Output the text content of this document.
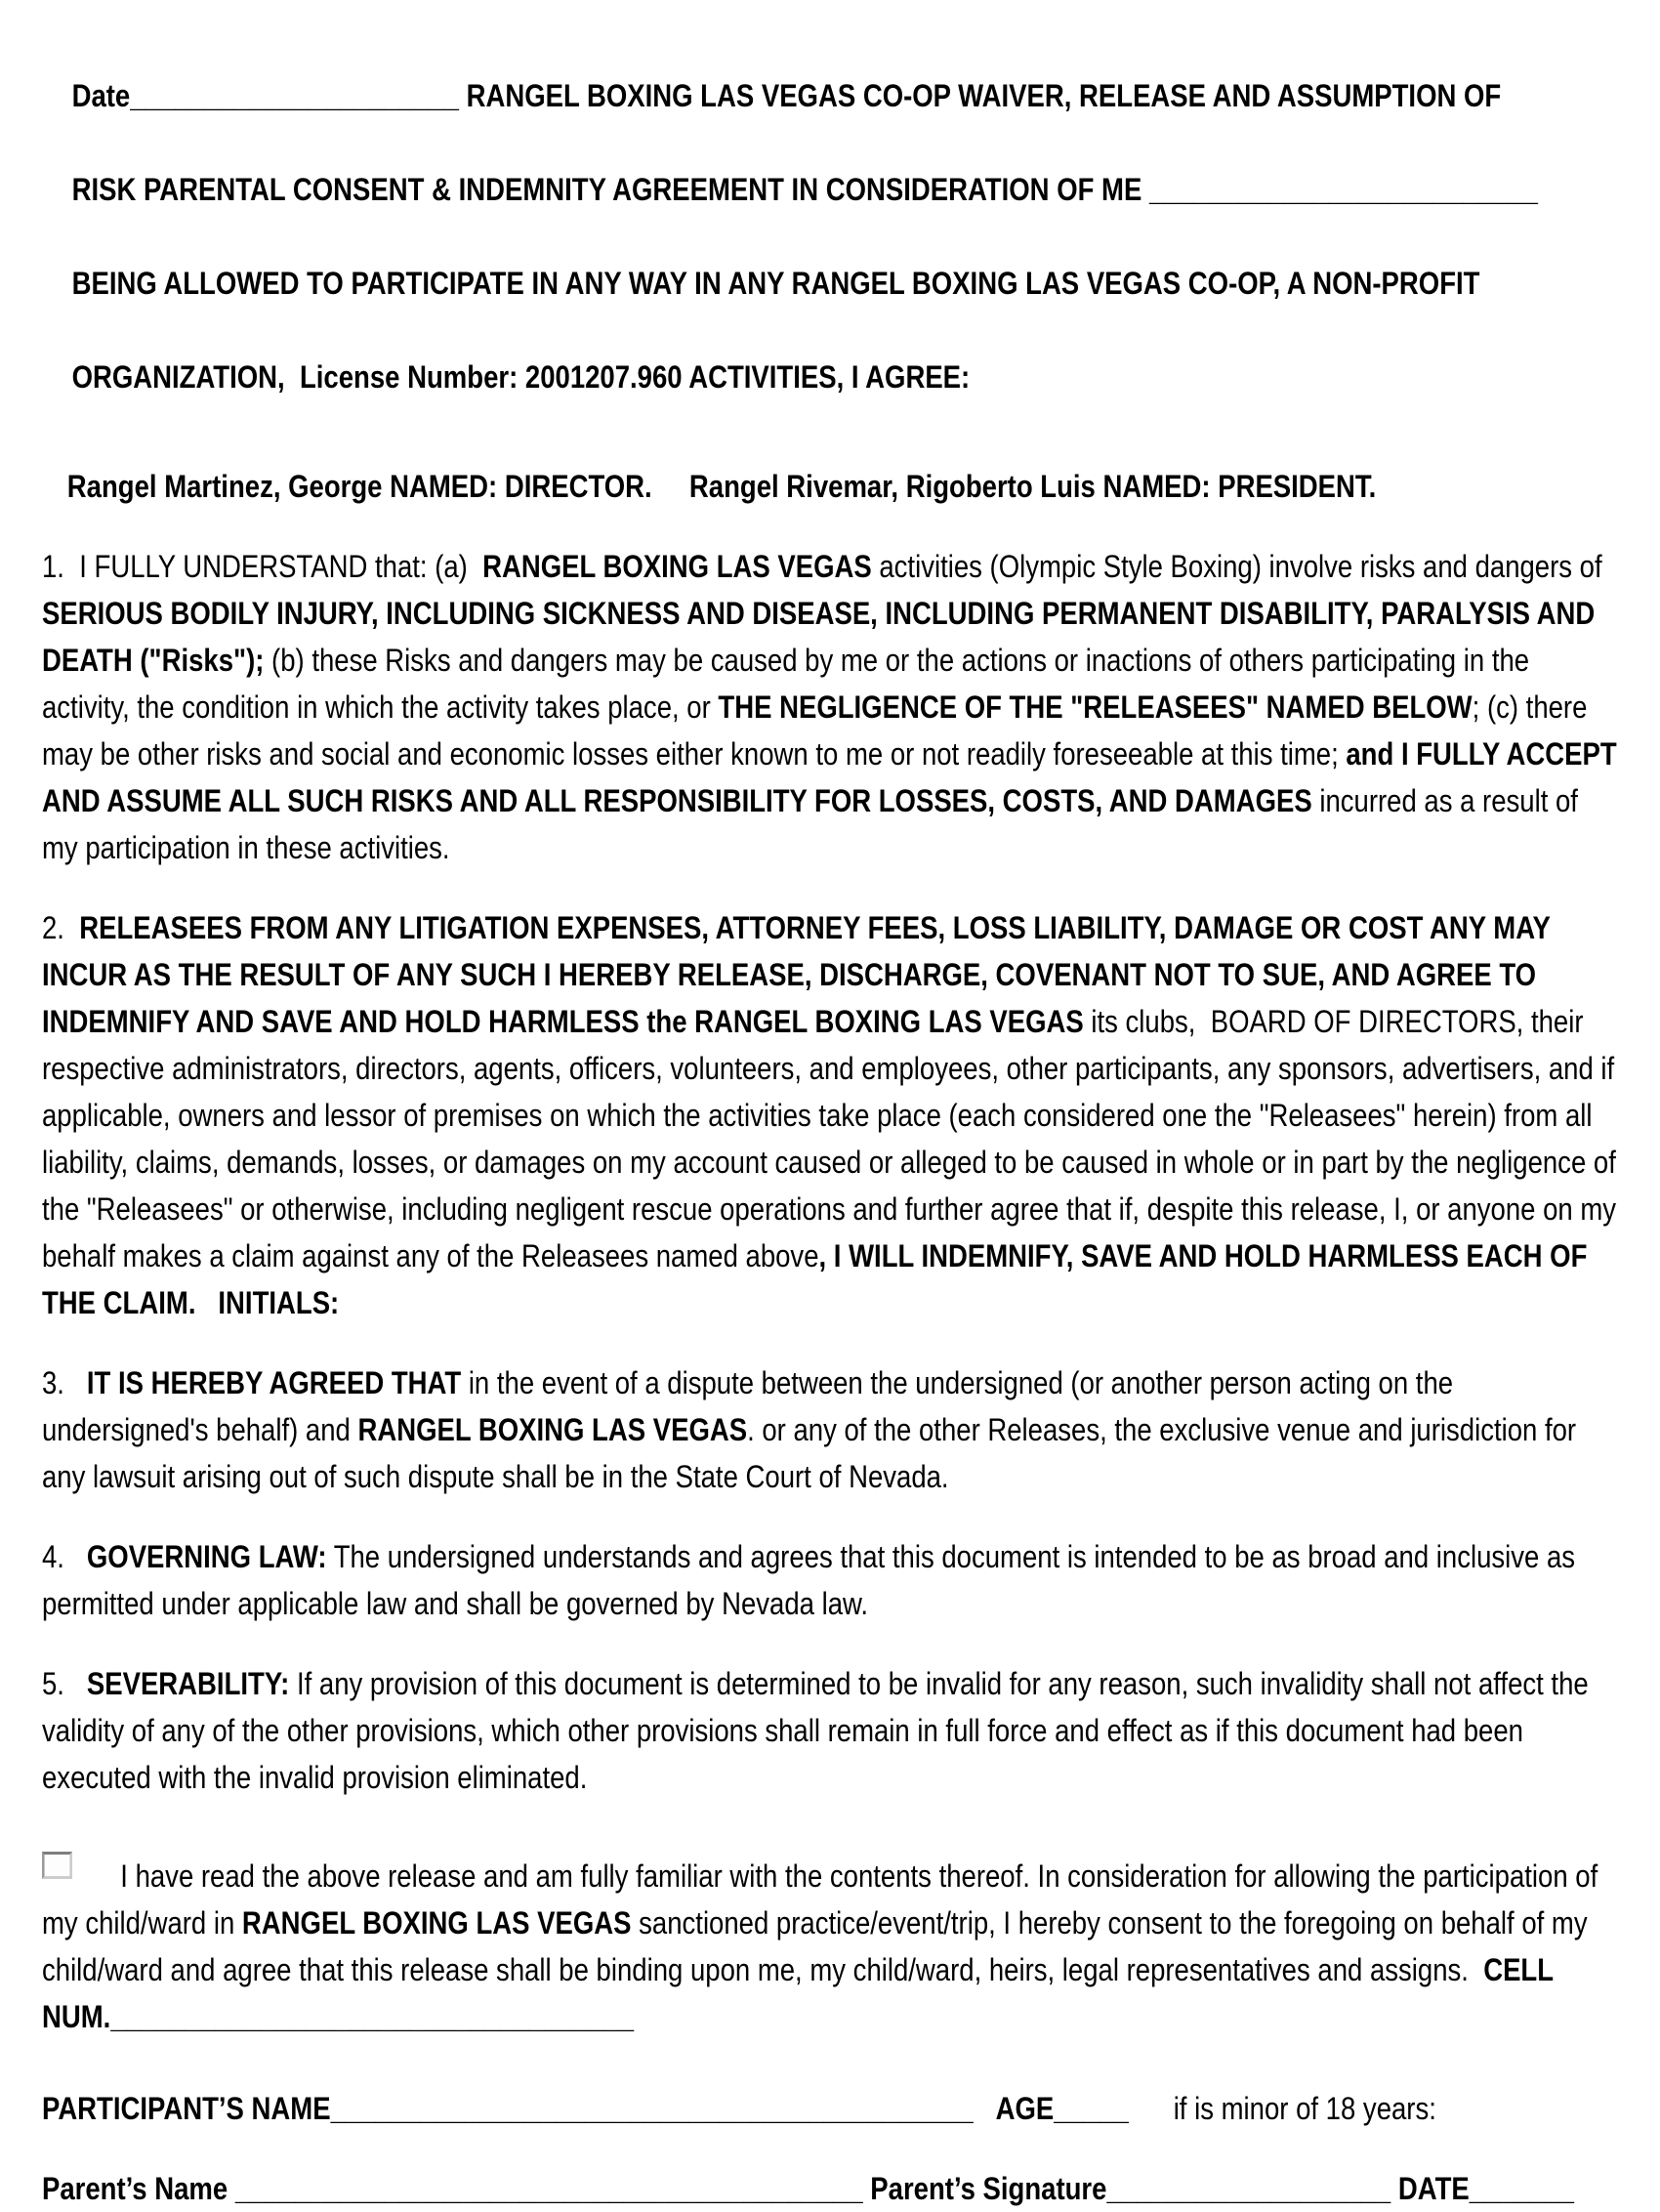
Date______________________ RANGEL BOXING LAS VEGAS CO-OP WAIVER, RELEASE AND ASSUMPTION OF

RISK PARENTAL CONSENT & INDEMNITY AGREEMENT IN CONSIDERATION OF ME __________________________

BEING ALLOWED TO PARTICIPATE IN ANY WAY IN ANY RANGEL BOXING LAS VEGAS CO-OP, A NON-PROFIT

ORGANIZATION,  License Number: 2001207.960 ACTIVITIES, I AGREE:

Rangel Martinez, George NAMED: DIRECTOR.     Rangel Rivemar, Rigoberto Luis NAMED: PRESIDENT.

1.  I FULLY UNDERSTAND that: (a)  RANGEL BOXING LAS VEGAS activities (Olympic Style Boxing) involve risks and dangers of SERIOUS BODILY INJURY, INCLUDING SICKNESS AND DISEASE, INCLUDING PERMANENT DISABILITY, PARALYSIS AND DEATH ("Risks"); (b) these Risks and dangers may be caused by me or the actions or inactions of others participating in the activity, the condition in which the activity takes place, or THE NEGLIGENCE OF THE "RELEASEES" NAMED BELOW; (c) there may be other risks and social and economic losses either known to me or not readily foreseeable at this time; and I FULLY ACCEPT AND ASSUME ALL SUCH RISKS AND ALL RESPONSIBILITY FOR LOSSES, COSTS, AND DAMAGES incurred as a result of my participation in these activities.

2.  RELEASEES FROM ANY LITIGATION EXPENSES, ATTORNEY FEES, LOSS LIABILITY, DAMAGE OR COST ANY MAY INCUR AS THE RESULT OF ANY SUCH I HEREBY RELEASE, DISCHARGE, COVENANT NOT TO SUE, AND AGREE TO INDEMNIFY AND SAVE AND HOLD HARMLESS the RANGEL BOXING LAS VEGAS its clubs,  BOARD OF DIRECTORS, their respective administrators, directors, agents, officers, volunteers, and employees, other participants, any sponsors, advertisers, and if applicable, owners and lessor of premises on which the activities take place (each considered one the "Releasees" herein) from all liability, claims, demands, losses, or damages on my account caused or alleged to be caused in whole or in part by the negligence of the "Releasees" or otherwise, including negligent rescue operations and further agree that if, despite this release, I, or anyone on my behalf makes a claim against any of the Releasees named above, I WILL INDEMNIFY, SAVE AND HOLD HARMLESS EACH OF THE CLAIM.   INITIALS:

3.   IT IS HEREBY AGREED THAT in the event of a dispute between the undersigned (or another person acting on the undersigned's behalf) and RANGEL BOXING LAS VEGAS. or any of the other Releases, the exclusive venue and jurisdiction for any lawsuit arising out of such dispute shall be in the State Court of Nevada.

4.   GOVERNING LAW: The undersigned understands and agrees that this document is intended to be as broad and inclusive as permitted under applicable law and shall be governed by Nevada law.

5.   SEVERABILITY: If any provision of this document is determined to be invalid for any reason, such invalidity shall not affect the validity of any of the other provisions, which other provisions shall remain in full force and effect as if this document had been executed with the invalid provision eliminated.

I have read the above release and am fully familiar with the contents thereof. In consideration for allowing the participation of my child/ward in RANGEL BOXING LAS VEGAS sanctioned practice/event/trip, I hereby consent to the foregoing on behalf of my child/ward and agree that this release shall be binding upon me, my child/ward, heirs, legal representatives and assigns.  CELL NUM.___________________________________

PARTICIPANT’S NAME___________________________________________ AGE_____ if is minor of 18 years:

Parent’s Name __________________________________________ Parent’s Signature___________________ DATE_______
